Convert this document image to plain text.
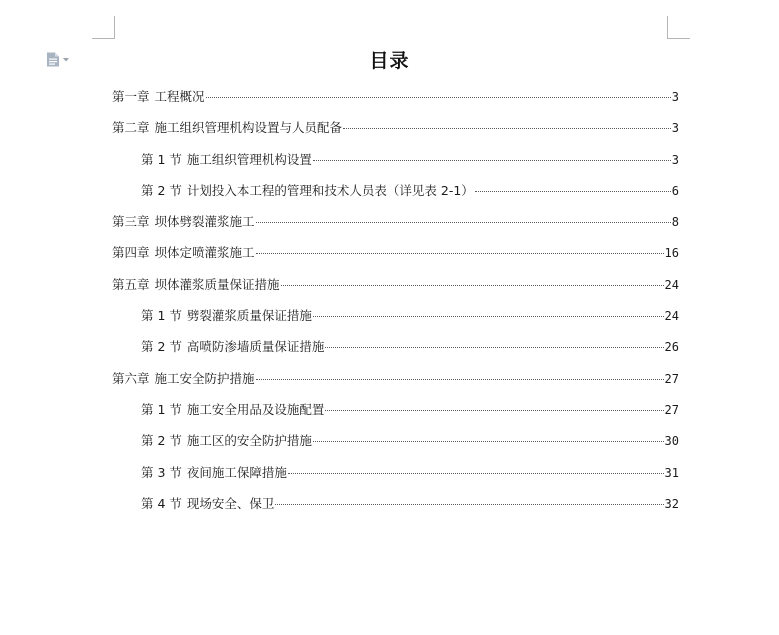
目录
第一章 工程概况	3
第二章 施工组织管理机构设置与人员配备	3
第 1 节 施工组织管理机构设置	3
第 2 节 计划投入本工程的管理和技术人员表（详见表 2-1）	6
第三章 坝体劈裂灌浆施工	8
第四章 坝体定喷灌浆施工	16
第五章 坝体灌浆质量保证措施	24
第 1 节 劈裂灌浆质量保证措施	24
第 2 节 高喷防渗墙质量保证措施	26
第六章 施工安全防护措施	27
第 1 节 施工安全用品及设施配置	27
第 2 节 施工区的安全防护措施	30
第 3 节 夜间施工保障措施	31
第 4 节 现场安全、保卫	32
